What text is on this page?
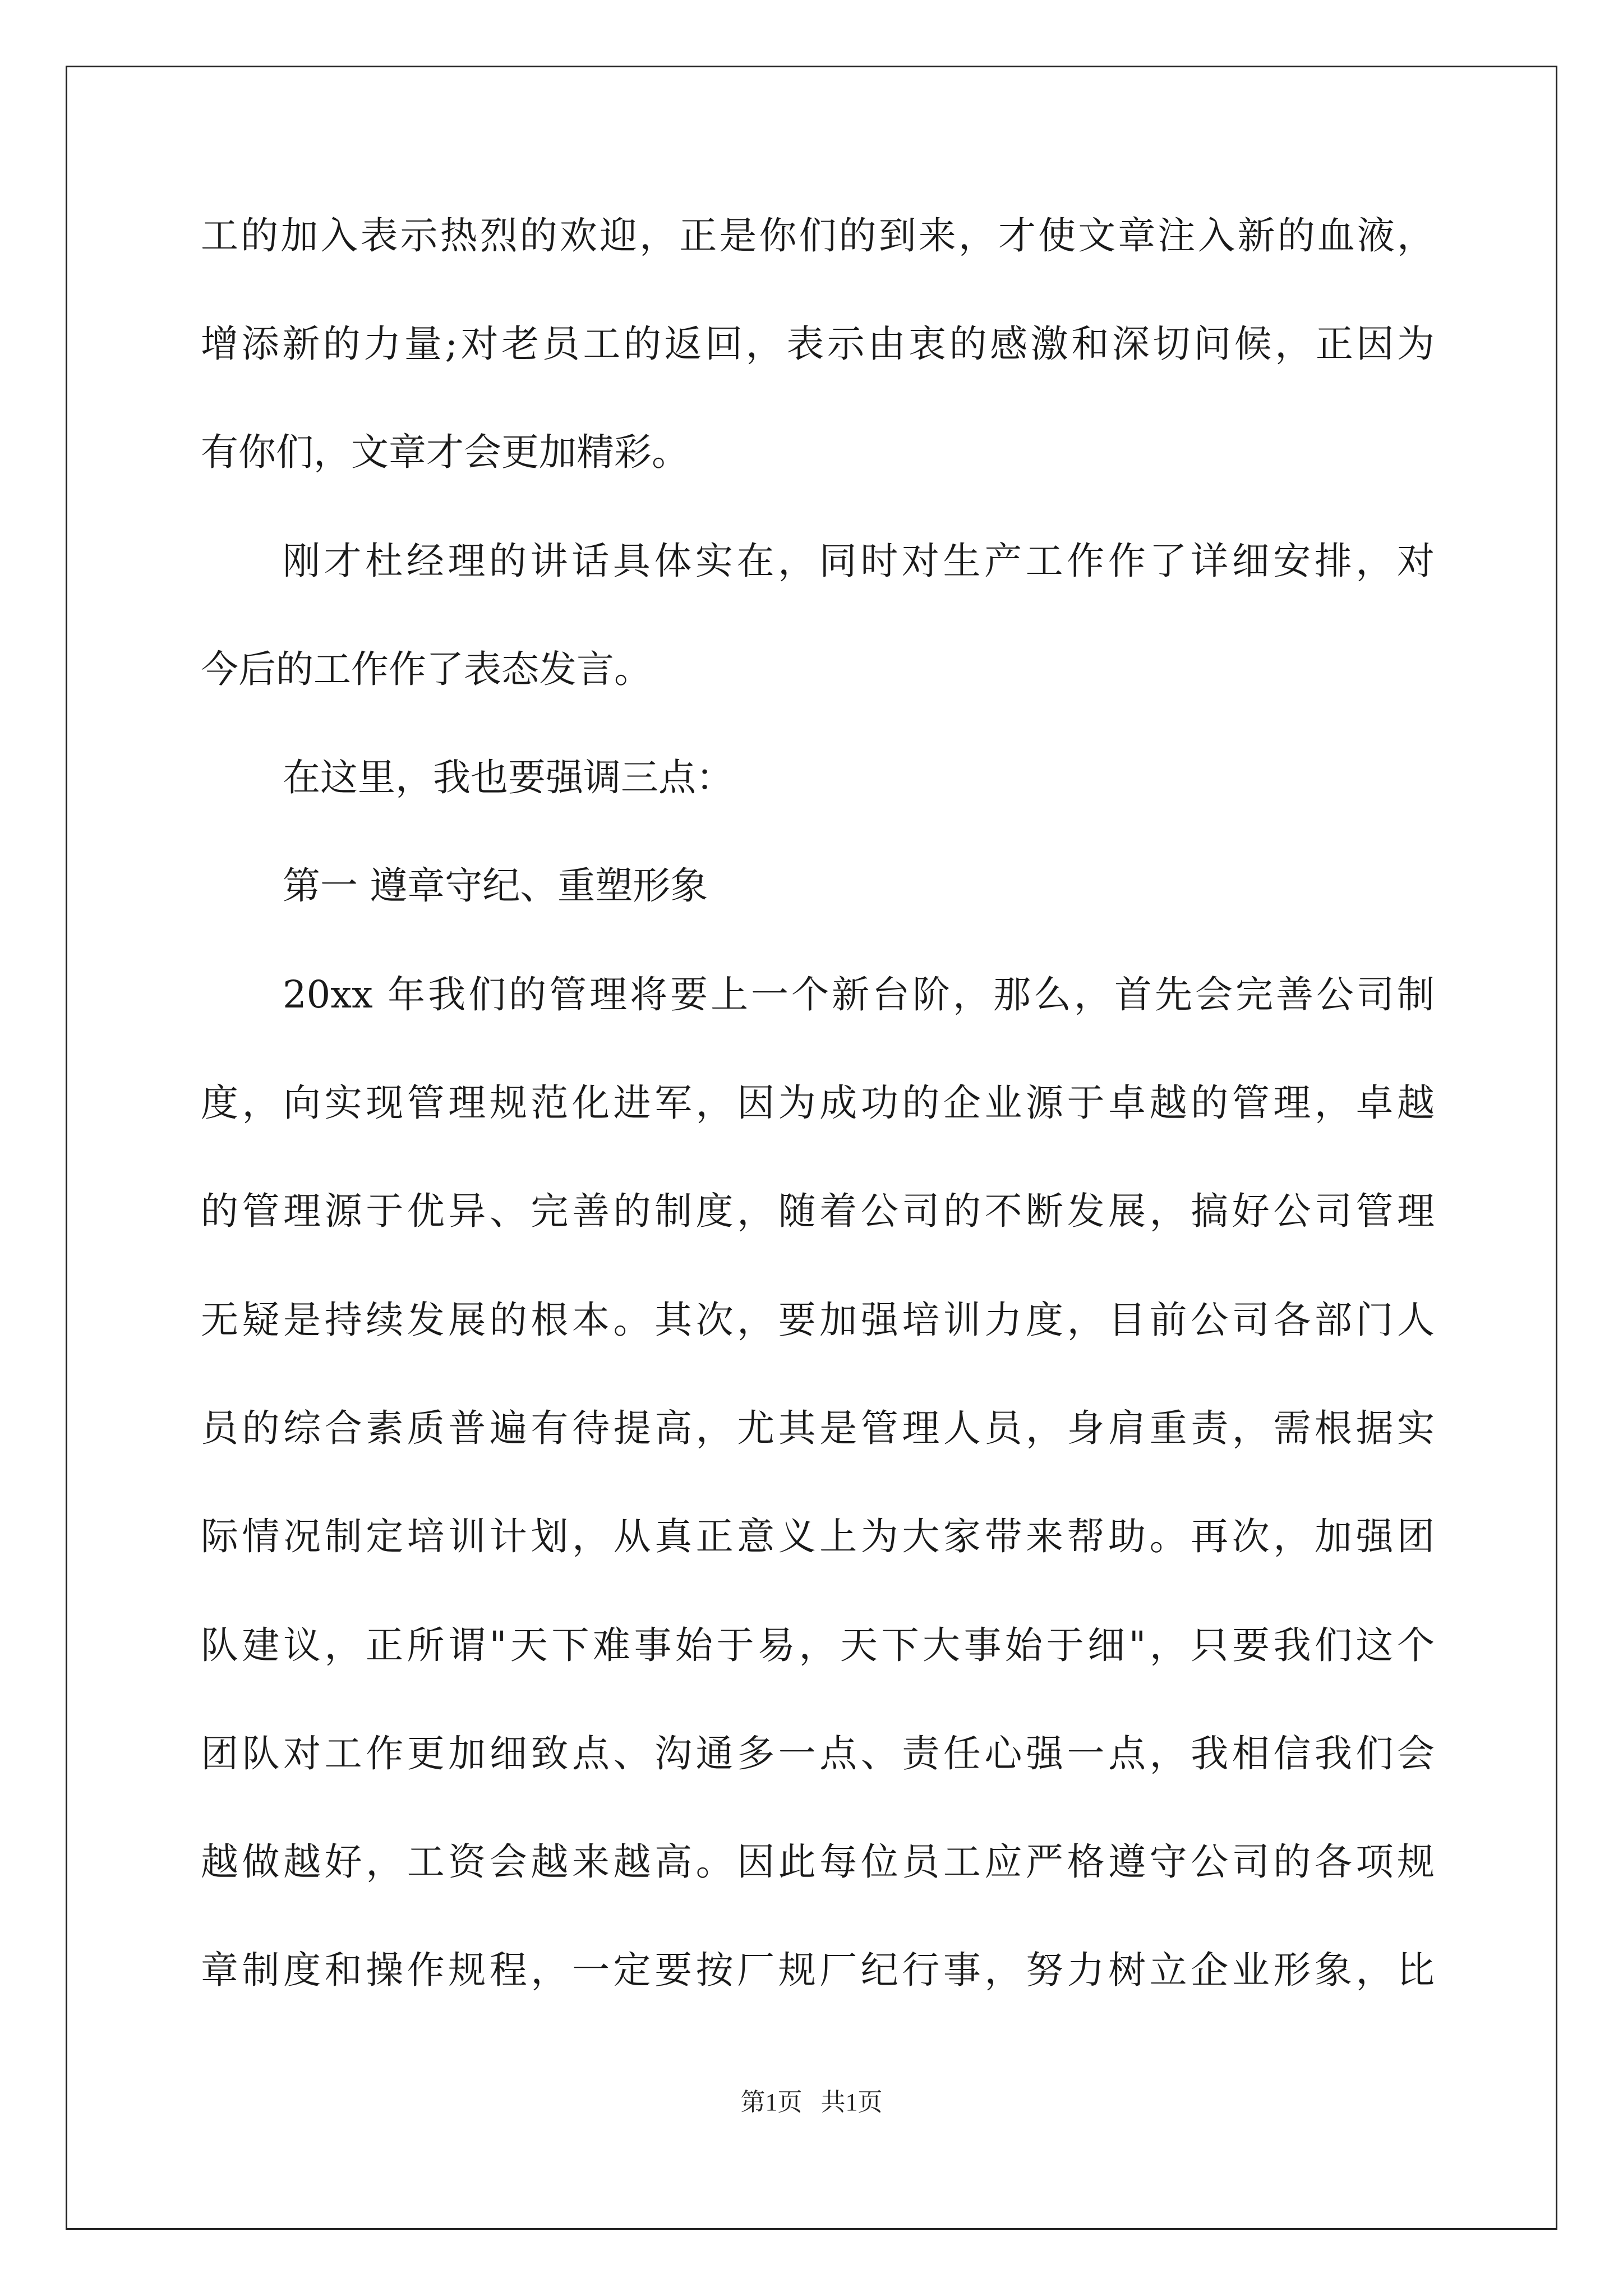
工的加入表示热烈的欢迎，正是你们的到来，才使文章注入新的血液，
增添新的力量;对老员工的返回，表示由衷的感激和深切问候，正因为
有你们，文章才会更加精彩。
刚才杜经理的讲话具体实在，同时对生产工作作了详细安排，对
今后的工作作了表态发言。
在这里，我也要强调三点：
第一 遵章守纪、重塑形象
20xx 年我们的管理将要上一个新台阶，那么，首先会完善公司制
度，向实现管理规范化进军，因为成功的企业源于卓越的管理，卓越
的管理源于优异、完善的制度，随着公司的不断发展，搞好公司管理
无疑是持续发展的根本。其次，要加强培训力度，目前公司各部门人
员的综合素质普遍有待提高，尤其是管理人员，身肩重责，需根据实
际情况制定培训计划，从真正意义上为大家带来帮助。再次，加强团
队建议，正所谓"天下难事始于易，天下大事始于细"，只要我们这个
团队对工作更加细致点、沟通多一点、责任心强一点，我相信我们会
越做越好，工资会越来越高。因此每位员工应严格遵守公司的各项规
章制度和操作规程，一定要按厂规厂纪行事，努力树立企业形象，比
第1页 共1页
